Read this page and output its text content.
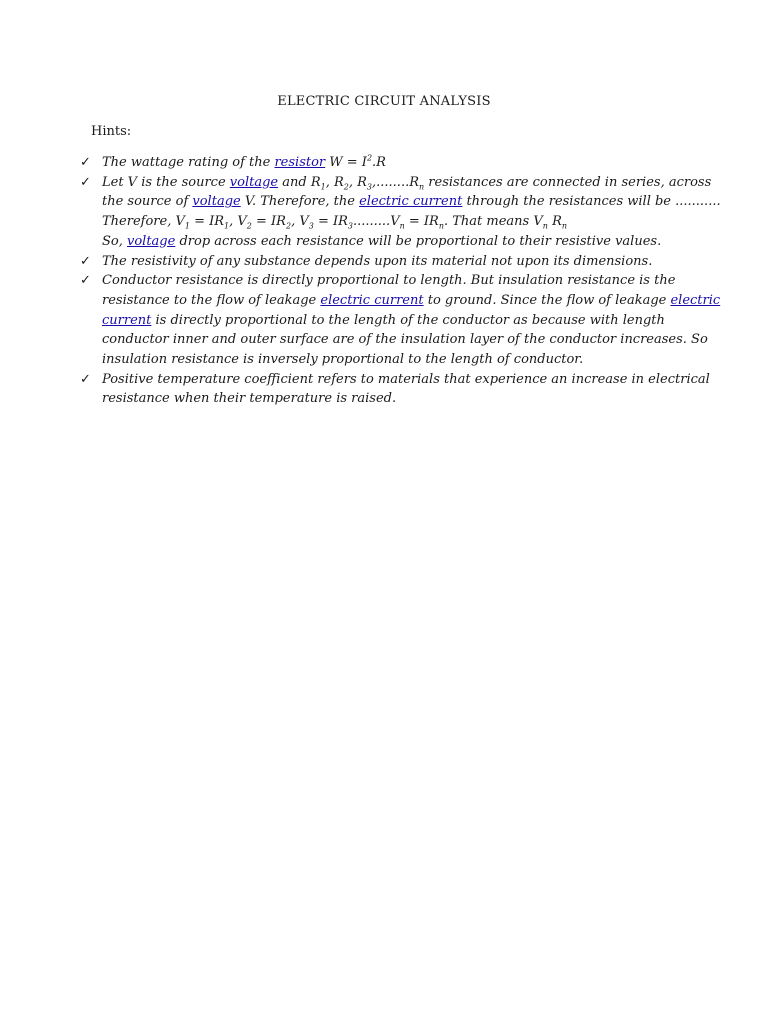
ELECTRIC CIRCUIT ANALYSIS
Hints:
✓ The wattage rating of the resistor $W = I^2.R$
✓ Let V is the source voltage and $R_1$, $R_2$, $R_3,........R_n$ resistances are connected in series, across the source of voltage V. Therefore, the electric current through the resistances will be ........... Therefore, $V_1 = IR_1$, $V_2 = IR_2$, $V_3 = IR_3.........V_n = IR_n$. That means $V_n$ $R_n$
So, voltage drop across each resistance will be proportional to their resistive values.
✓ The resistivity of any substance depends upon its material not upon its dimensions.
✓ Conductor resistance is directly proportional to length. But insulation resistance is the resistance to the flow of leakage electric current to ground. Since the flow of leakage electric current is directly proportional to the length of the conductor as because with length conductor inner and outer surface are of the insulation layer of the conductor increases. So insulation resistance is inversely proportional to the length of conductor.
✓ Positive temperature coefficient refers to materials that experience an increase in electrical resistance when their temperature is raised.
